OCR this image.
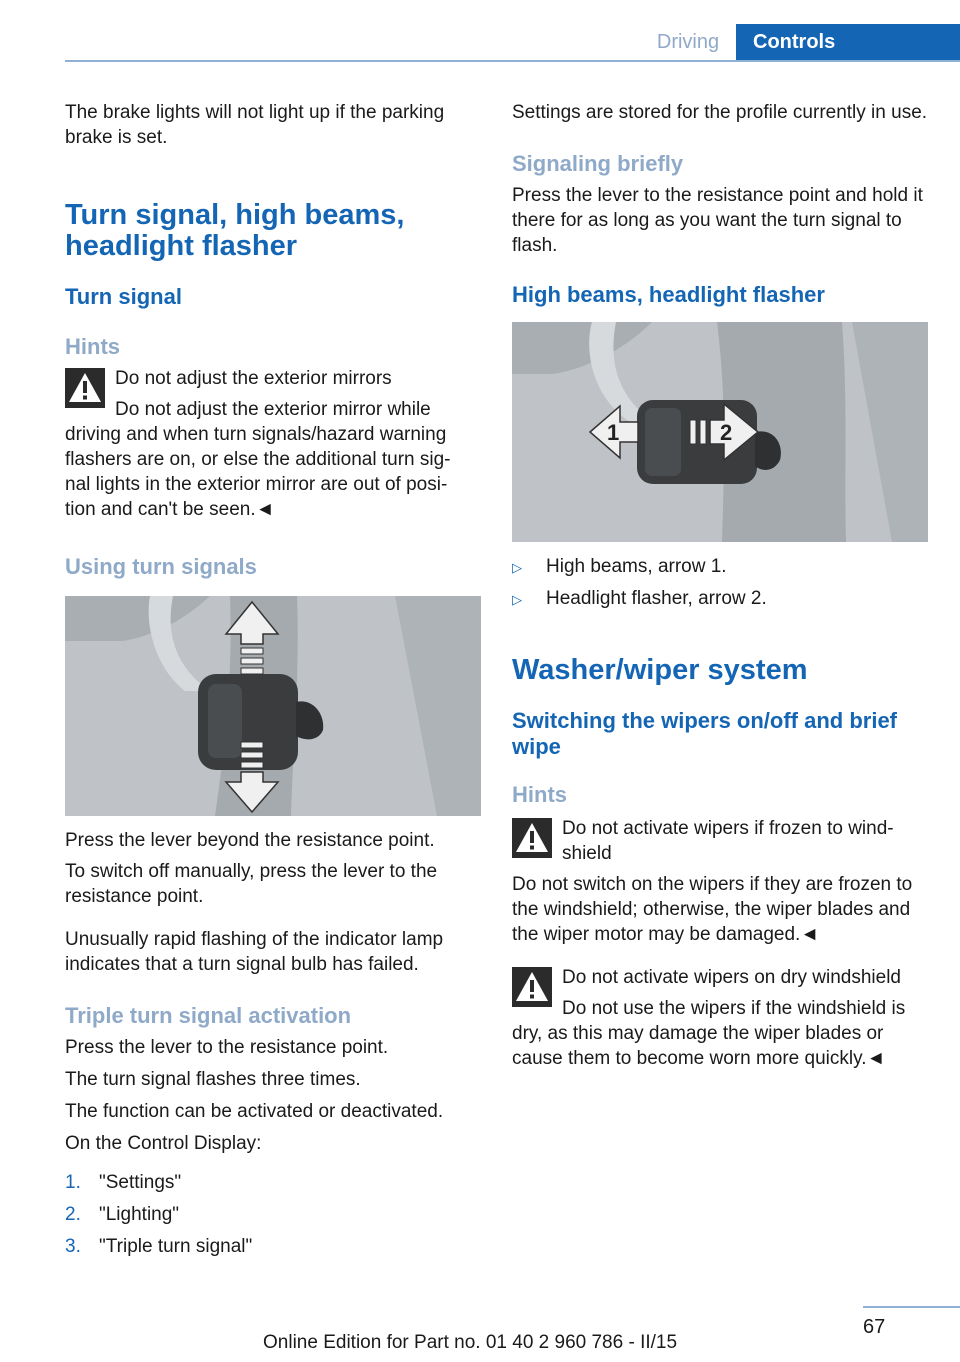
Driving	Controls

The brake lights will not light up if the parking brake is set.

Turn signal, high beams, headlight flasher
Turn signal
Hints

Do not adjust the exterior mirrors

Do not adjust the exterior mirror while

driving and when turn signals/hazard warning flashers are on, or else the additional turn sig- nal lights in the exterior mirror are out of posi- tion and can't be seen.◄

Using turn signals

Press the lever beyond the resistance point.

To switch off manually, press the lever to the resistance point.

Unusually rapid flashing of the indicator lamp indicates that a turn signal bulb has failed.

Triple turn signal activation

Press the lever to the resistance point.

The turn signal flashes three times.

The function can be activated or deactivated.

On the Control Display:

1. "Settings"
2. "Lighting"
3. "Triple turn signal"

Settings are stored for the profile currently in use.

Signaling briefly

Press the lever to the resistance point and hold it there for as long as you want the turn signal to flash.

High beams, headlight flasher
1	2
▷ High beams, arrow 1.
▷ Headlight flasher, arrow 2.
Washer/wiper system
Switching the wipers on/off and brief wipe
Hints

Do not activate wipers if frozen to wind- shield

Do not switch on the wipers if they are frozen to the windshield; otherwise, the wiper blades and the wiper motor may be damaged.◄

Do not activate wipers on dry windshield

Do not use the wipers if the windshield is

dry, as this may damage the wiper blades or cause them to become worn more quickly.◄

67
Online Edition for Part no. 01 40 2 960 786 - II/15
